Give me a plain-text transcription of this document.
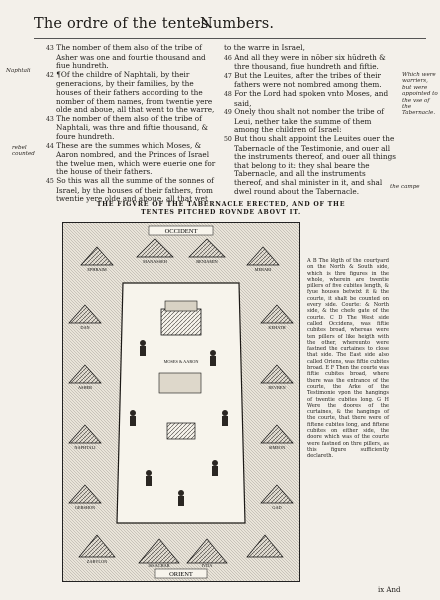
The ordre of the tentes.
Numbers.

43 The nomber of them also of the tribe of Asher was one and fourtie thousand and fiue hundreth.

42 ¶Of the childre of Naphtali, by their generacions, by their families, by the houses of their fathers according to the nomber of them names, from twentie yere olde and aboue, all that went to the warre,

43 The nomber of them also of the tribe of Naphtali, was thre and fiftie thousand, & foure hundreth.

44 These are the summes which Moses, & Aaron nombred, and the Princes of Israel the twelue men, which were euerie one for the house of their fathers.

45 So this was all the summe of the sonnes of Israel, by the houses of their fathers, from twentie yere olde and aboue, all that wet

to the warre in Israel,

46 And all they were in nōber six hūdreth & thre thousand, fiue hundreth and fiftie.

47 But the Leuites, after the tribes of their fathers were not nombred among them.

48 For the Lord had spoken vnto Moses, and said,

49 Onely thou shalt not nomber the tribe of Leui, nether take the summe of them among the children of Israel:

50 But thou shalt appoint the Leuites ouer the Tabernacle of the Testimonie, and ouer all the instruments thereof, and ouer all things that belong to it: they shal beare the Tabernacle, and all the instruments thereof, and shal minister in it, and shal dwel round about the Tabernacle.

Naphtali
rebel counted
Which were warriers, but were appointed to the vse of the Tabernacle.
the campe
THE FIGVRE OF THE TABERNACLE ERECTED, AND OF THE
TENTES PITCHED ROVNDE ABOVT IT.
OCCIDENT
ORIENT
EPHRAIM
MANASSEH	BENIAMIN
MERARI
DAN
ASHER
NAPHTALI
GERSHON
KEHATH
REVBEN
SIMEON
GAD
ZABVLON
ISSACHAR	IVDA
MOSES & AARON
A B The lēgth of the courtyard on the North & South side, which is thre figures in the whole, wherein are twentie pillers of five cubites length, & fyue houses betwixt it & the courte, it shalt be counted on every side. Courte: & North side, & the chefe gate of the courte. C D The West side called Occidens, was fiftie cubites broad, whereas were ten pillers of like heigth with the other, whereunto were fastned the curtaines to close that side. The East side also called Oriens, was fiftie cubites broad. E F Then the courte was fiftie cubites broad, where there was the entrance of the courte, the Arke of the Testimonie vpon the hangings of twentie cubites long. G H Were the doores of the curtaines, & the hangings of the courte, that there were of fiftene cubites long, and fiftene cubites on either side, the doore which was of the courte were fastned on thre pillers, as this figure sufficiently declareth.
ix And
